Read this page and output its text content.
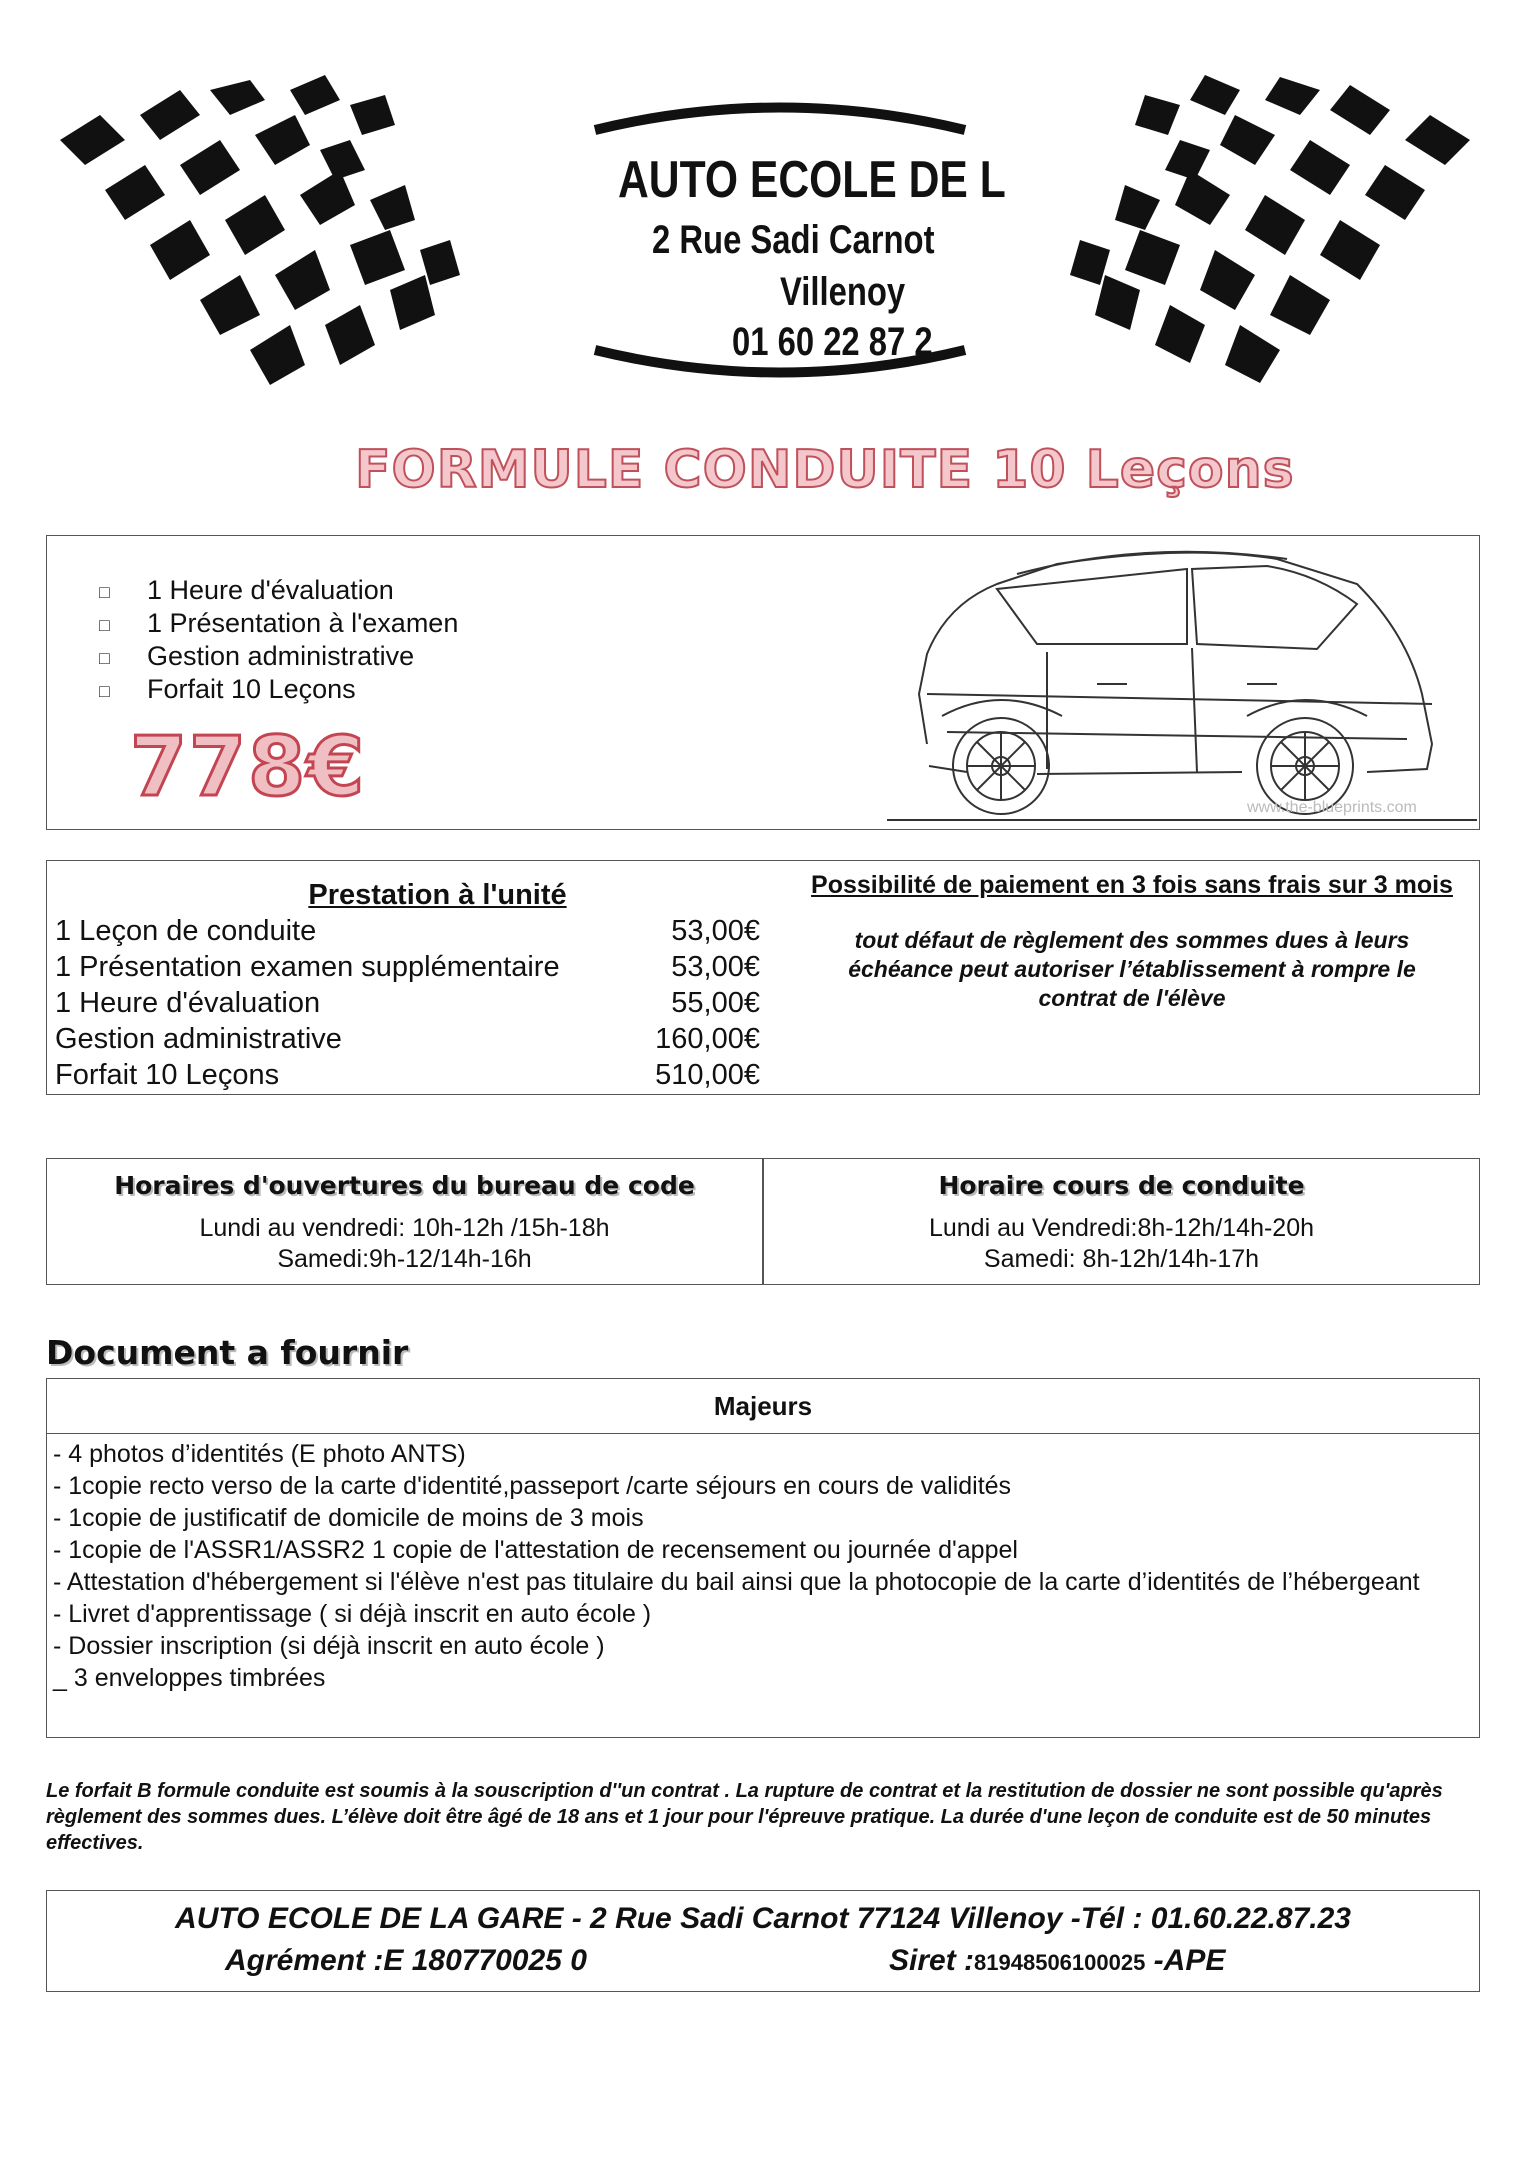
AUTO ECOLE DE L
2 Rue Sadi Carnot
Villenoy
01 60 22 87 2
FORMULE CONDUITE 10 Leçons
□ 1 Heure d'évaluation
□ 1 Présentation à l'examen
□ Gestion administrative
□ Forfait 10 Leçons
www.the-blueprints.com
778€
Prestation à l'unité
1 Leçon de conduite	53,00€
1 Présentation examen supplémentaire	53,00€
1 Heure d'évaluation	55,00€
Gestion administrative	160,00€
Forfait 10 Leçons	510,00€
Possibilité de paiement en 3 fois sans frais sur 3 mois
tout défaut de règlement des sommes dues à leurs échéance peut autoriser l’établissement à rompre le contrat de l'élève
Horaires d'ouvertures du bureau de code
Lundi au vendredi: 10h-12h /15h-18h
Samedi:9h-12/14h-16h
Horaire cours de conduite
Lundi au Vendredi:8h-12h/14h-20h
Samedi: 8h-12h/14h-17h
Document a fournir
Majeurs
- 4 photos d’identités (E photo ANTS)
- 1copie recto verso de la carte d'identité,passeport /carte séjours en cours de validités
- 1copie de justificatif de domicile de moins de 3 mois
- 1copie de l'ASSR1/ASSR2 1 copie de l'attestation de recensement ou journée d'appel
- Attestation d'hébergement si l'élève n'est pas titulaire du bail ainsi que la photocopie de la carte d’identités de l’hébergeant
- Livret d'apprentissage ( si déjà inscrit en auto école )
- Dossier inscription (si déjà inscrit en auto école )
_ 3 enveloppes timbrées
Le forfait B formule conduite est soumis à la souscription d''un contrat . La rupture de contrat et la restitution de dossier ne sont possible qu'après règlement des sommes dues. L’élève doit être âgé de 18 ans et 1 jour pour l'épreuve pratique. La durée d'une leçon de conduite est de 50 minutes effectives.
AUTO ECOLE DE LA GARE - 2 Rue Sadi Carnot 77124 Villenoy -Tél : 01.60.22.87.23
Agrément :E 180770025 0	Siret :81948506100025 -APE
